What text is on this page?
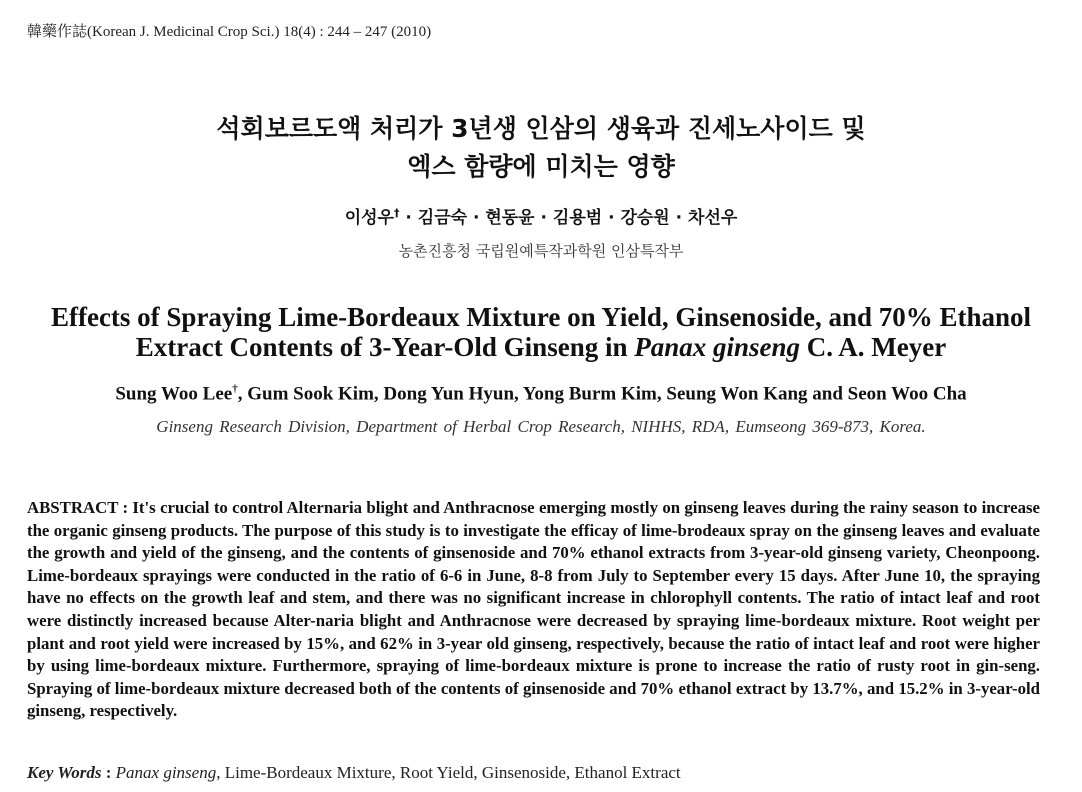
韓藥作誌(Korean J. Medicinal Crop Sci.) 18(4) : 244 – 247 (2010)
석회보르도액 처리가 3년생 인삼의 생육과 진세노사이드 및
엑스 함량에 미치는 영향
이성우† · 김금숙 · 현동윤 · 김용범 · 강승원 · 차선우
농촌진흥청 국립원예특작과학원 인삼특작부
Effects of Spraying Lime-Bordeaux Mixture on Yield, Ginsenoside, and 70% Ethanol
Extract Contents of 3-Year-Old Ginseng in Panax ginseng C. A. Meyer
Sung Woo Lee†, Gum Sook Kim, Dong Yun Hyun, Yong Burm Kim, Seung Won Kang and Seon Woo Cha
Ginseng Research Division, Department of Herbal Crop Research, NIHHS, RDA, Eumseong 369-873, Korea.
ABSTRACT : It's crucial to control Alternaria blight and Anthracnose emerging mostly on ginseng leaves during the rainy season to increase the organic ginseng products. The purpose of this study is to investigate the efficay of lime-brodeaux spray on the ginseng leaves and evaluate the growth and yield of the ginseng, and the contents of ginsenoside and 70% ethanol extracts from 3-year-old ginseng variety, Cheonpoong. Lime-bordeaux sprayings were conducted in the ratio of 6-6 in June, 8-8 from July to September every 15 days. After June 10, the spraying have no effects on the growth leaf and stem, and there was no significant increase in chlorophyll contents. The ratio of intact leaf and root were distinctly increased because Alter-naria blight and Anthracnose were decreased by spraying lime-bordeaux mixture. Root weight per plant and root yield were increased by 15%, and 62% in 3-year old ginseng, respectively, because the ratio of intact leaf and root were higher by using lime-bordeaux mixture. Furthermore, spraying of lime-bordeaux mixture is prone to increase the ratio of rusty root in gin-seng. Spraying of lime-bordeaux mixture decreased both of the contents of ginsenoside and 70% ethanol extract by 13.7%, and 15.2% in 3-year-old ginseng, respectively.
Key Words : Panax ginseng, Lime-Bordeaux Mixture, Root Yield, Ginsenoside, Ethanol Extract
